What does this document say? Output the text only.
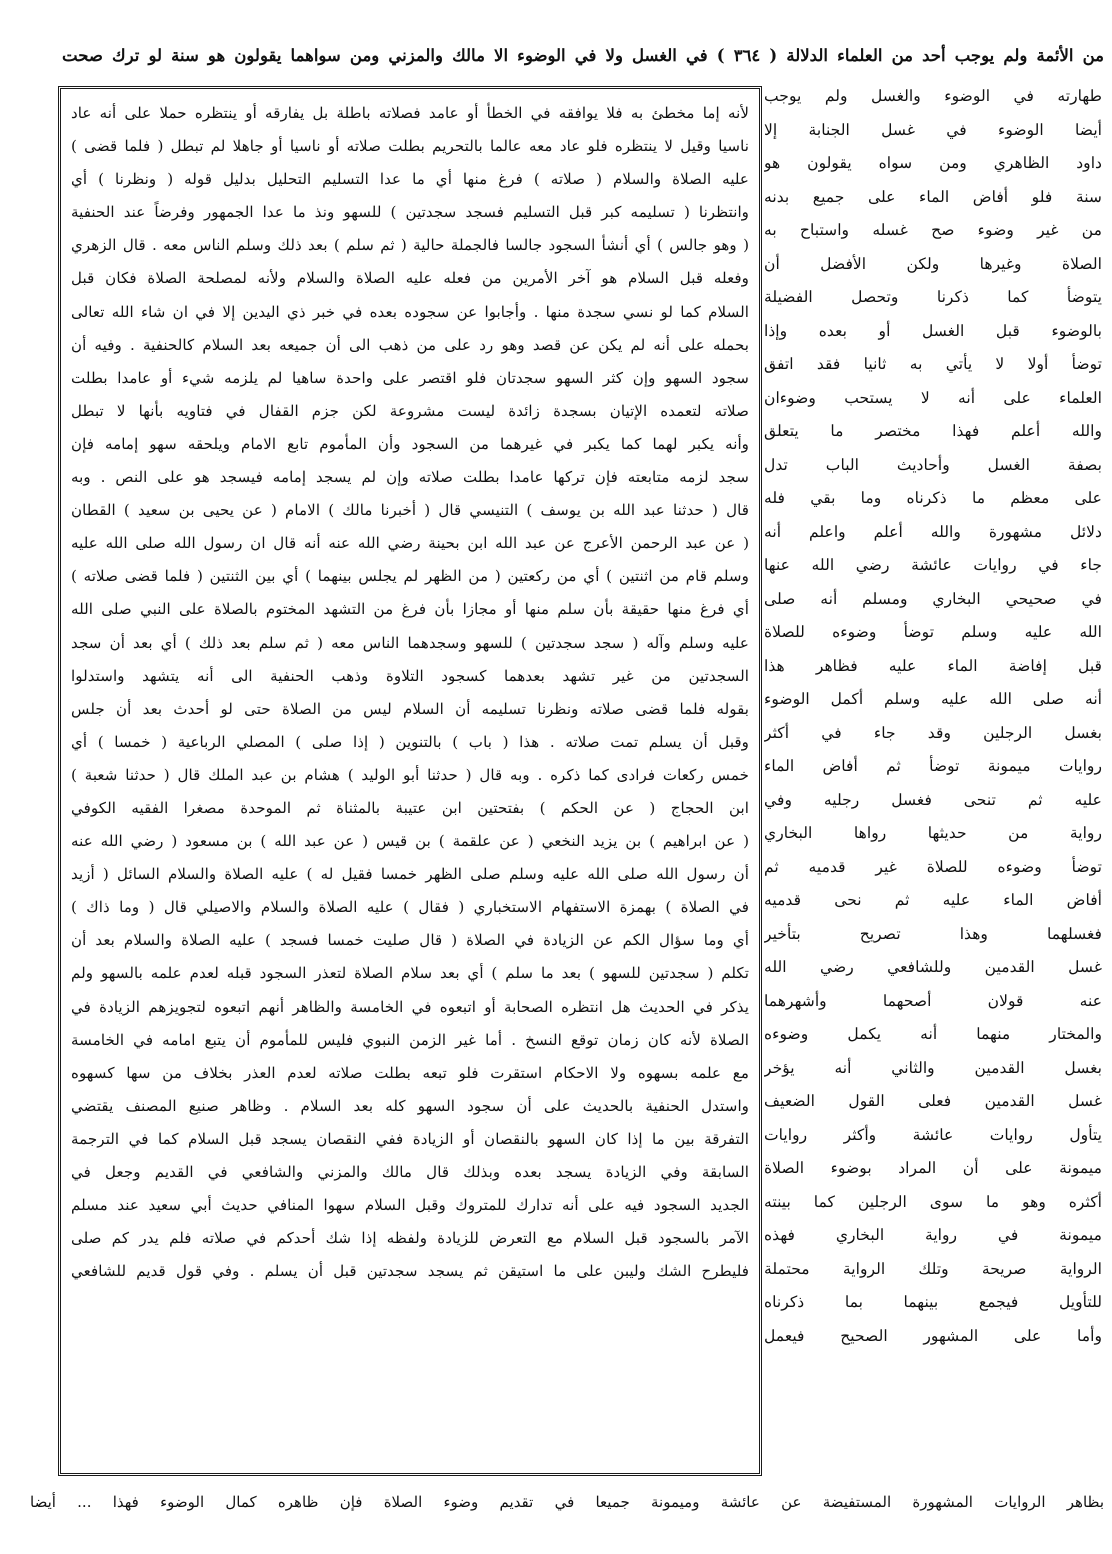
من الأئمة ولم يوجب أحد من العلماء الدلالة ( ٣٦٤ ) في الغسل ولا في الوضوء الا مالك والمزني ومن سواهما يقولون هو سنة لو ترك صحت
لأنه إما مخطئ به فلا يوافقه في الخطأ أو عامد فصلاته باطلة بل يفارقه أو ينتظره حملا على أنه عاد
ناسيا وقيل لا ينتظره فلو عاد معه عالما بالتحريم بطلت صلاته أو ناسيا أو جاهلا لم تبطل ( فلما قضى )
عليه الصلاة والسلام ( صلاته ) فرغ منها أي ما عدا التسليم التحليل بدليل قوله ( ونظرنا ) أي
وانتظرنا ( تسليمه كبر قبل التسليم فسجد سجدتين ) للسهو ونذ ما عدا الجمهور وفرضاً عند الحنفية
( وهو جالس ) أي أنشأ السجود جالسا فالجملة حالية ( ثم سلم ) بعد ذلك وسلم الناس معه . قال الزهري
وفعله قبل السلام هو آخر الأمرين من فعله عليه الصلاة والسلام ولأنه لمصلحة الصلاة فكان قبل
السلام كما لو نسي سجدة منها . وأجابوا عن سجوده بعده في خبر ذي اليدين إلا في ان شاء الله تعالى
بحمله على أنه لم يكن عن قصد وهو رد على من ذهب الى أن جميعه بعد السلام كالحنفية . وفيه أن
سجود السهو وإن كثر السهو سجدتان فلو اقتصر على واحدة ساهيا لم يلزمه شيء أو عامدا بطلت
صلاته لتعمده الإتيان بسجدة زائدة ليست مشروعة لكن جزم القفال في فتاويه بأنها لا تبطل
وأنه يكبر لهما كما يكبر في غيرهما من السجود وأن المأموم تابع الامام ويلحقه سهو إمامه فإن
سجد لزمه متابعته فإن تركها عامدا بطلت صلاته وإن لم يسجد إمامه فيسجد هو على النص . وبه
قال ( حدثنا عبد الله بن يوسف ) التنيسي قال ( أخبرنا مالك ) الامام ( عن يحيى بن سعيد ) القطان
( عن عبد الرحمن الأعرج عن عبد الله ابن بحينة رضي الله عنه أنه قال ان رسول الله صلى الله عليه
وسلم قام من اثنتين ) أي من ركعتين ( من الظهر لم يجلس بينهما ) أي بين الثنتين ( فلما قضى صلاته )
أي فرغ منها حقيقة بأن سلم منها أو مجازا بأن فرغ من التشهد المختوم بالصلاة على النبي صلى الله
عليه وسلم وآله ( سجد سجدتين ) للسهو وسجدهما الناس معه ( ثم سلم بعد ذلك ) أي بعد أن سجد
السجدتين من غير تشهد بعدهما كسجود التلاوة وذهب الحنفية الى أنه يتشهد واستدلوا
بقوله فلما قضى صلاته ونظرنا تسليمه أن السلام ليس من الصلاة حتى لو أحدث بعد أن جلس
وقبل أن يسلم تمت صلاته . هذا ( باب ) بالتنوين ( إذا صلى ) المصلي الرباعية ( خمسا ) أي
خمس ركعات فرادى كما ذكره . وبه قال ( حدثنا أبو الوليد ) هشام بن عبد الملك قال ( حدثنا شعبة )
ابن الحجاج ( عن الحكم ) بفتحتين ابن عتيبة بالمثناة ثم الموحدة مصغرا الفقيه الكوفي
( عن ابراهيم ) بن يزيد النخعي ( عن علقمة ) بن قيس ( عن عبد الله ) بن مسعود ( رضي الله عنه
أن رسول الله صلى الله عليه وسلم صلى الظهر خمسا فقيل له ) عليه الصلاة والسلام السائل ( أزيد
في الصلاة ) بهمزة الاستفهام الاستخباري ( فقال ) عليه الصلاة والسلام والاصيلي قال ( وما ذاك )
أي وما سؤال الكم عن الزيادة في الصلاة ( قال صليت خمسا فسجد ) عليه الصلاة والسلام بعد أن
تكلم ( سجدتين للسهو ) بعد ما سلم ) أي بعد سلام الصلاة لتعذر السجود قبله لعدم علمه بالسهو ولم
يذكر في الحديث هل انتظره الصحابة أو اتبعوه في الخامسة والظاهر أنهم اتبعوه لتجويزهم الزيادة في
الصلاة لأنه كان زمان توقع النسخ . أما غير الزمن النبوي فليس للمأموم أن يتبع امامه في الخامسة
مع علمه بسهوه ولا الاحكام استقرت فلو تبعه بطلت صلاته لعدم العذر بخلاف من سها كسهوه
واستدل الحنفية بالحديث على أن سجود السهو كله بعد السلام . وظاهر صنيع المصنف يقتضي
التفرقة بين ما إذا كان السهو بالنقصان أو الزيادة ففي النقصان يسجد قبل السلام كما في الترجمة
السابقة وفي الزيادة يسجد بعده وبذلك قال مالك والمزني والشافعي في القديم وجعل في
الجديد السجود فيه على أنه تدارك للمتروك وقبل السلام سهوا المنافي حديث أبي سعيد عند مسلم
الآمر بالسجود قبل السلام مع التعرض للزيادة ولفظه إذا شك أحدكم في صلاته فلم يدر كم صلى
فليطرح الشك وليبن على ما استيقن ثم يسجد سجدتين قبل أن يسلم . وفي قول قديم للشافعي
طهارته في الوضوء والغسل ولم يوجب
أيضا الوضوء في غسل الجنابة إلا
داود الظاهري ومن سواه يقولون هو
سنة فلو أفاض الماء على جميع بدنه
من غير وضوء صح غسله واستباح به
الصلاة وغيرها ولكن الأفضل أن
يتوضأ كما ذكرنا وتحصل الفضيلة
بالوضوء قبل الغسل أو بعده وإذا
توضأ أولا لا يأتي به ثانيا فقد اتفق
العلماء على أنه لا يستحب وضوءان
والله أعلم فهذا مختصر ما يتعلق
بصفة الغسل وأحاديث الباب تدل
على معظم ما ذكرناه وما بقي فله
دلائل مشهورة والله أعلم واعلم أنه
جاء في روايات عائشة رضي الله عنها
في صحيحي البخاري ومسلم أنه صلى
الله عليه وسلم توضأ وضوءه للصلاة
قبل إفاضة الماء عليه فظاهر هذا
أنه صلى الله عليه وسلم أكمل الوضوء
بغسل الرجلين وقد جاء في أكثر
روايات ميمونة توضأ ثم أفاض الماء
عليه ثم تنحى فغسل رجليه وفي
رواية من حديثها رواها البخاري
توضأ وضوءه للصلاة غير قدميه ثم
أفاض الماء عليه ثم نحى قدميه
فغسلهما وهذا تصريح بتأخير
غسل القدمين وللشافعي رضي الله
عنه قولان أصحهما وأشهرهما
والمختار منهما أنه يكمل وضوءه
بغسل القدمين والثاني أنه يؤخر
غسل القدمين فعلى القول الضعيف
يتأول روايات عائشة وأكثر روايات
ميمونة على أن المراد بوضوء الصلاة
أكثره وهو ما سوى الرجلين كما بينته
ميمونة في رواية البخاري فهذه
الرواية صريحة وتلك الرواية محتملة
للتأويل فيجمع بينهما بما ذكرناه
وأما على المشهور الصحيح فيعمل
بظاهر الروايات المشهورة المستفيضة عن عائشة وميمونة جميعا في تقديم وضوء الصلاة فإن ظاهره كمال الوضوء فهذا ... أيضا
